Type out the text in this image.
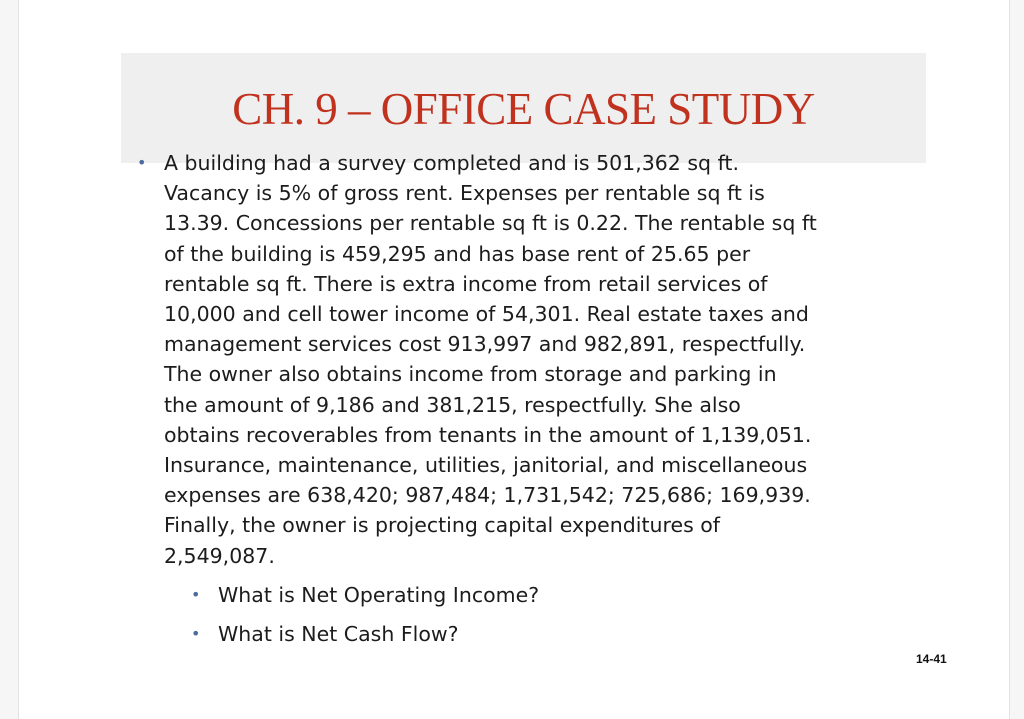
CH. 9 – OFFICE CASE STUDY
• A building had a survey completed and is 501,362 sq ft.
Vacancy is 5% of gross rent. Expenses per rentable sq ft is
13.39. Concessions per rentable sq ft is 0.22. The rentable sq ft
of the building is 459,295 and has base rent of 25.65 per
rentable sq ft. There is extra income from retail services of
10,000 and cell tower income of 54,301. Real estate taxes and
management services cost 913,997 and 982,891, respectfully.
The owner also obtains income from storage and parking in
the amount of 9,186 and 381,215, respectfully. She also
obtains recoverables from tenants in the amount of 1,139,051.
Insurance, maintenance, utilities, janitorial, and miscellaneous
expenses are 638,420; 987,484; 1,731,542; 725,686; 169,939.
Finally, the owner is projecting capital expenditures of
2,549,087.
• What is Net Operating Income?
• What is Net Cash Flow?
14-41
